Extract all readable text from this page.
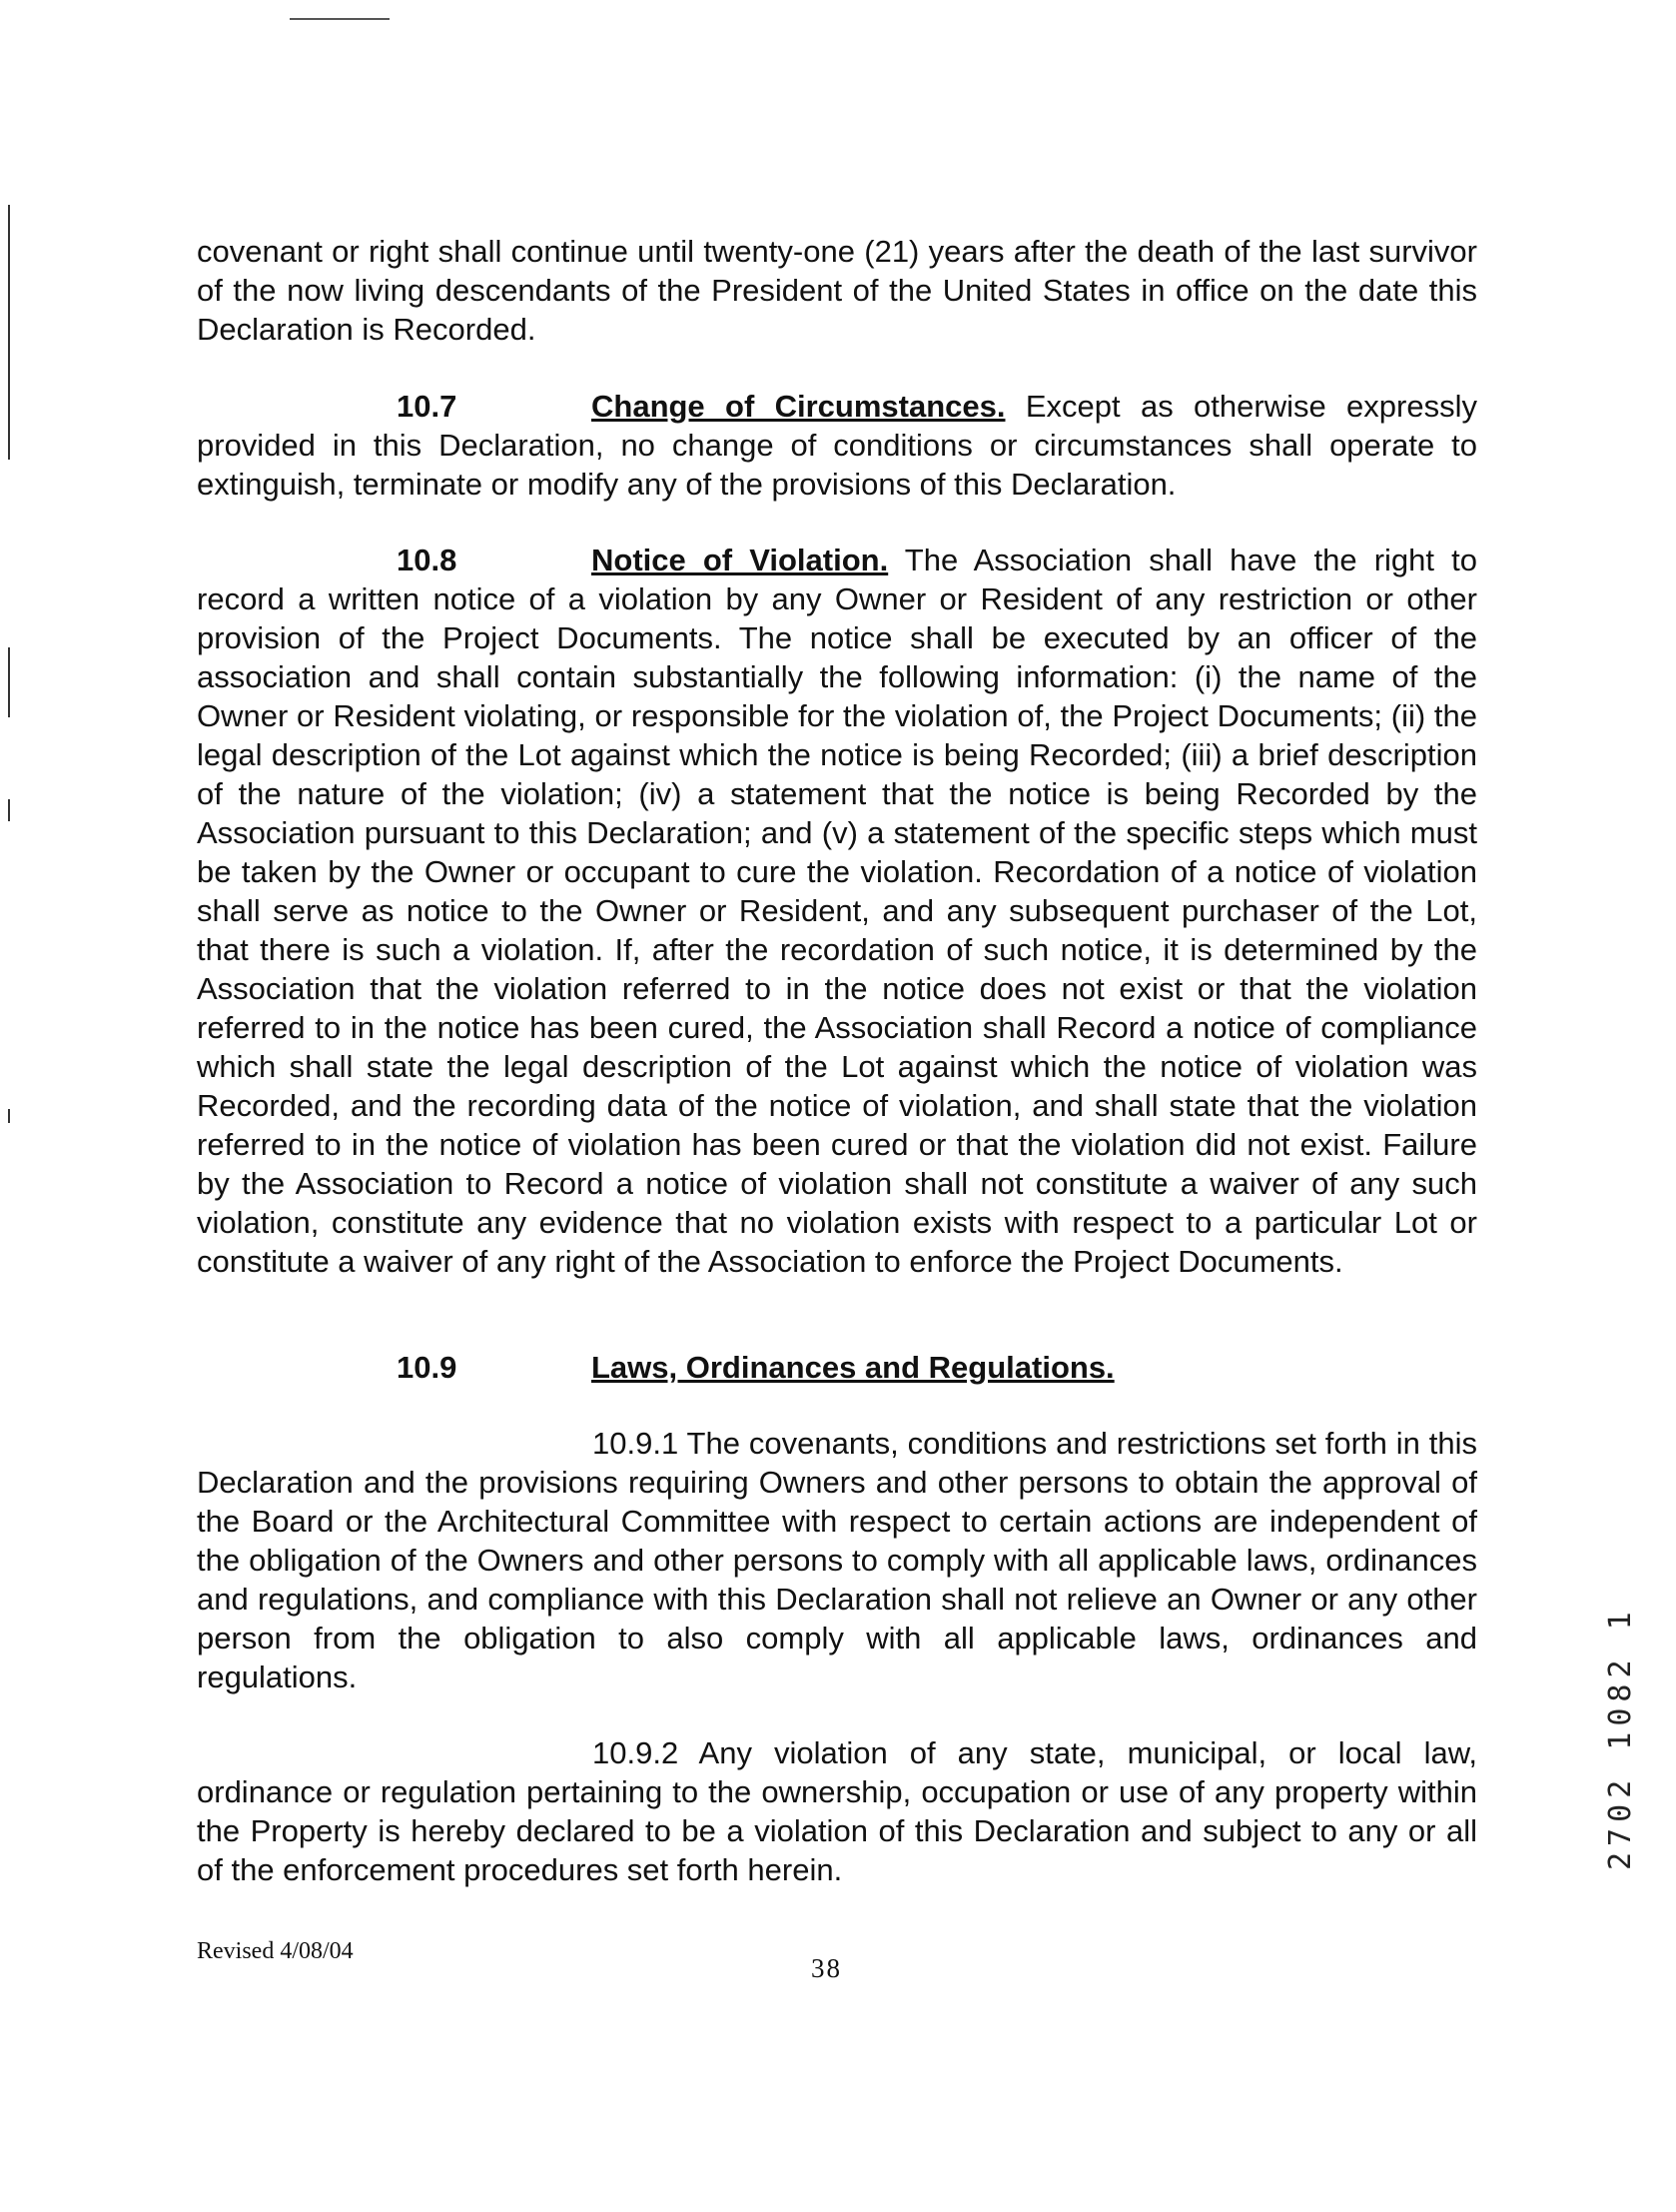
covenant or right shall continue until twenty-one (21) years after the death of the last survivor of the now living descendants of the President of the United States in office on the date this Declaration is Recorded.

10.7	Change of Circumstances. Except as otherwise expressly provided in this Declaration, no change of conditions or circumstances shall operate to extinguish, terminate or modify any of the provisions of this Declaration.

10.8	Notice of Violation. The Association shall have the right to record a written notice of a violation by any Owner or Resident of any restriction or other provision of the Project Documents. The notice shall be executed by an officer of the association and shall contain substantially the following information: (i) the name of the Owner or Resident violating, or responsible for the violation of, the Project Documents; (ii) the legal description of the Lot against which the notice is being Recorded; (iii) a brief description of the nature of the violation; (iv) a statement that the notice is being Recorded by the Association pursuant to this Declaration; and (v) a statement of the specific steps which must be taken by the Owner or occupant to cure the violation. Recordation of a notice of violation shall serve as notice to the Owner or Resident, and any subsequent purchaser of the Lot, that there is such a violation. If, after the recordation of such notice, it is determined by the Association that the violation referred to in the notice does not exist or that the violation referred to in the notice has been cured, the Association shall Record a notice of compliance which shall state the legal description of the Lot against which the notice of violation was Recorded, and the recording data of the notice of violation, and shall state that the violation referred to in the notice of violation has been cured or that the violation did not exist. Failure by the Association to Record a notice of violation shall not constitute a waiver of any such violation, constitute any evidence that no violation exists with respect to a particular Lot or constitute a waiver of any right of the Association to enforce the Project Documents.

10.9	Laws, Ordinances and Regulations.

10.9.1 The covenants, conditions and restrictions set forth in this Declaration and the provisions requiring Owners and other persons to obtain the approval of the Board or the Architectural Committee with respect to certain actions are independent of the obligation of the Owners and other persons to comply with all applicable laws, ordinances and regulations, and compliance with this Declaration shall not relieve an Owner or any other person from the obligation to also comply with all applicable laws, ordinances and regulations.

10.9.2 Any violation of any state, municipal, or local law, ordinance or regulation pertaining to the ownership, occupation or use of any property within the Property is hereby declared to be a violation of this Declaration and subject to any or all of the enforcement procedures set forth herein.

Revised 4/08/04
38
2702 1082 1
